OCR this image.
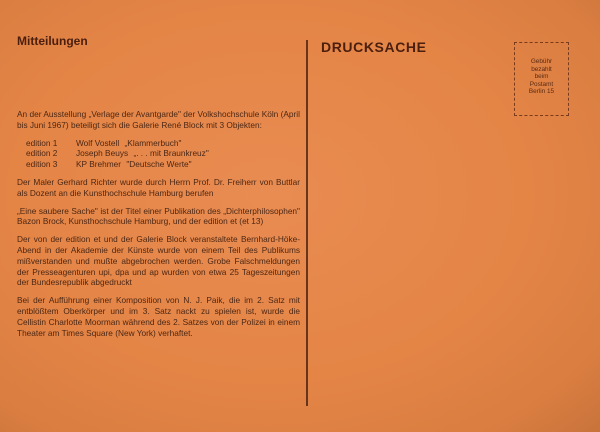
Mitteilungen

An der Ausstellung „Verlage der Avantgarde" der Volkshochschule Köln (April bis Juni 1967) beteiligt sich die Galerie René Block mit 3 Objekten:

edition 1 Wolf Vostell „Klammerbuch"
edition 2 Joseph Beuys „. . . mit Braunkreuz"
edition 3 KP Brehmer "Deutsche Werte"

Der Maler Gerhard Richter wurde durch Herrn Prof. Dr. Freiherr von Buttlar als Dozent an die Kunsthochschule Hamburg berufen

„Eine saubere Sache" ist der Titel einer Publikation des „Dichterphilosophen" Bazon Brock, Kunsthochschule Hamburg, und der edition et (et 13)

Der von der edition et und der Galerie Block veranstaltete Bernhard-Höke-Abend in der Akademie der Künste wurde von einem Teil des Publikums mißverstanden und mußte abgebrochen werden. Grobe Falschmeldungen der Presseagenturen upi, dpa und ap wurden von etwa 25 Tageszeitungen der Bundesrepublik abgedruckt

Bei der Aufführung einer Komposition von N. J. Paik, die im 2. Satz mit entblößtem Oberkörper und im 3. Satz nackt zu spielen ist, wurde die Cellistin Charlotte Moorman während des 2. Satzes von der Polizei in einem Theater am Times Square (New York) verhaftet.

DRUCKSACHE
Gebühr
bezahlt
beim
Postamt
Berlin 15
